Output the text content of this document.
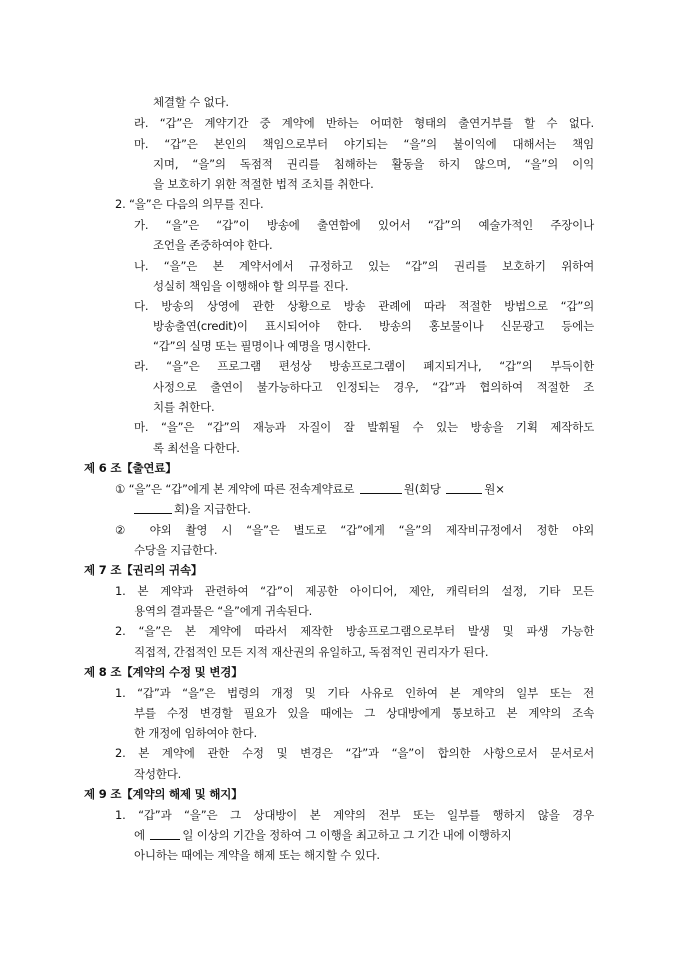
체결할 수 없다.
라. “갑”은 계약기간 중 계약에 반하는 어떠한 형태의 출연거부를 할 수 없다.
마. “갑”은 본인의 책임으로부터 야기되는 “을”의 불이익에 대해서는 책임
지며, “을”의 독점적 권리를 침해하는 활동을 하지 않으며, “을”의 이익
을 보호하기 위한 적절한 법적 조치를 취한다.
2. “을”은 다음의 의무를 진다.
가. “을”은 “갑”이 방송에 출연함에 있어서 “갑”의 예술가적인 주장이나
조언을 존중하여야 한다.
나. “을”은 본 계약서에서 규정하고 있는 “갑”의 권리를 보호하기 위하여
성실히 책임을 이행해야 할 의무를 진다.
다. 방송의 상영에 관한 상황으로 방송 관례에 따라 적절한 방법으로 “갑”의
방송출연(credit)이 표시되어야 한다. 방송의 홍보물이나 신문광고 등에는
“갑”의 실명 또는 필명이나 예명을 명시한다.
라. “을”은 프로그램 편성상 방송프로그램이 폐지되거나, “갑”의 부득이한
사정으로 출연이 불가능하다고 인정되는 경우, “갑”과 협의하여 적절한 조
치를 취한다.
마. “을”은 “갑”의 재능과 자질이 잘 발휘될 수 있는 방송을 기획 제작하도
록 최선을 다한다.
제 6 조【출연료】
① “을”은 “갑”에게 본 계약에 따른 전속계약료로	원(회당	원×
회)을 지급한다.
② 야외 촬영 시 “을”은 별도로 “갑”에게 “을”의 제작비규정에서 정한 야외
수당을 지급한다.
제 7 조【권리의 귀속】
1. 본 계약과 관련하여 “갑”이 제공한 아이디어, 제안, 캐릭터의 설정, 기타 모든
용역의 결과물은 “을”에게 귀속된다.
2. “을”은 본 계약에 따라서 제작한 방송프로그램으로부터 발생 및 파생 가능한
직접적, 간접적인 모든 지적 재산권의 유일하고, 독점적인 권리자가 된다.
제 8 조【계약의 수정 및 변경】
1. “갑”과 “을”은 법령의 개정 및 기타 사유로 인하여 본 계약의 일부 또는 전
부를 수정 변경할 필요가 있을 때에는 그 상대방에게 통보하고 본 계약의 조속
한 개정에 임하여야 한다.
2. 본 계약에 관한 수정 및 변경은 “갑”과 “을”이 합의한 사항으로서 문서로서
작성한다.
제 9 조【계약의 해제 및 해지】
1. “갑”과 “을”은 그 상대방이 본 계약의 전부 또는 일부를 행하지 않을 경우
에	일 이상의 기간을 정하여 그 이행을 최고하고 그 기간 내에 이행하지
아니하는 때에는 계약을 해제 또는 해지할 수 있다.
